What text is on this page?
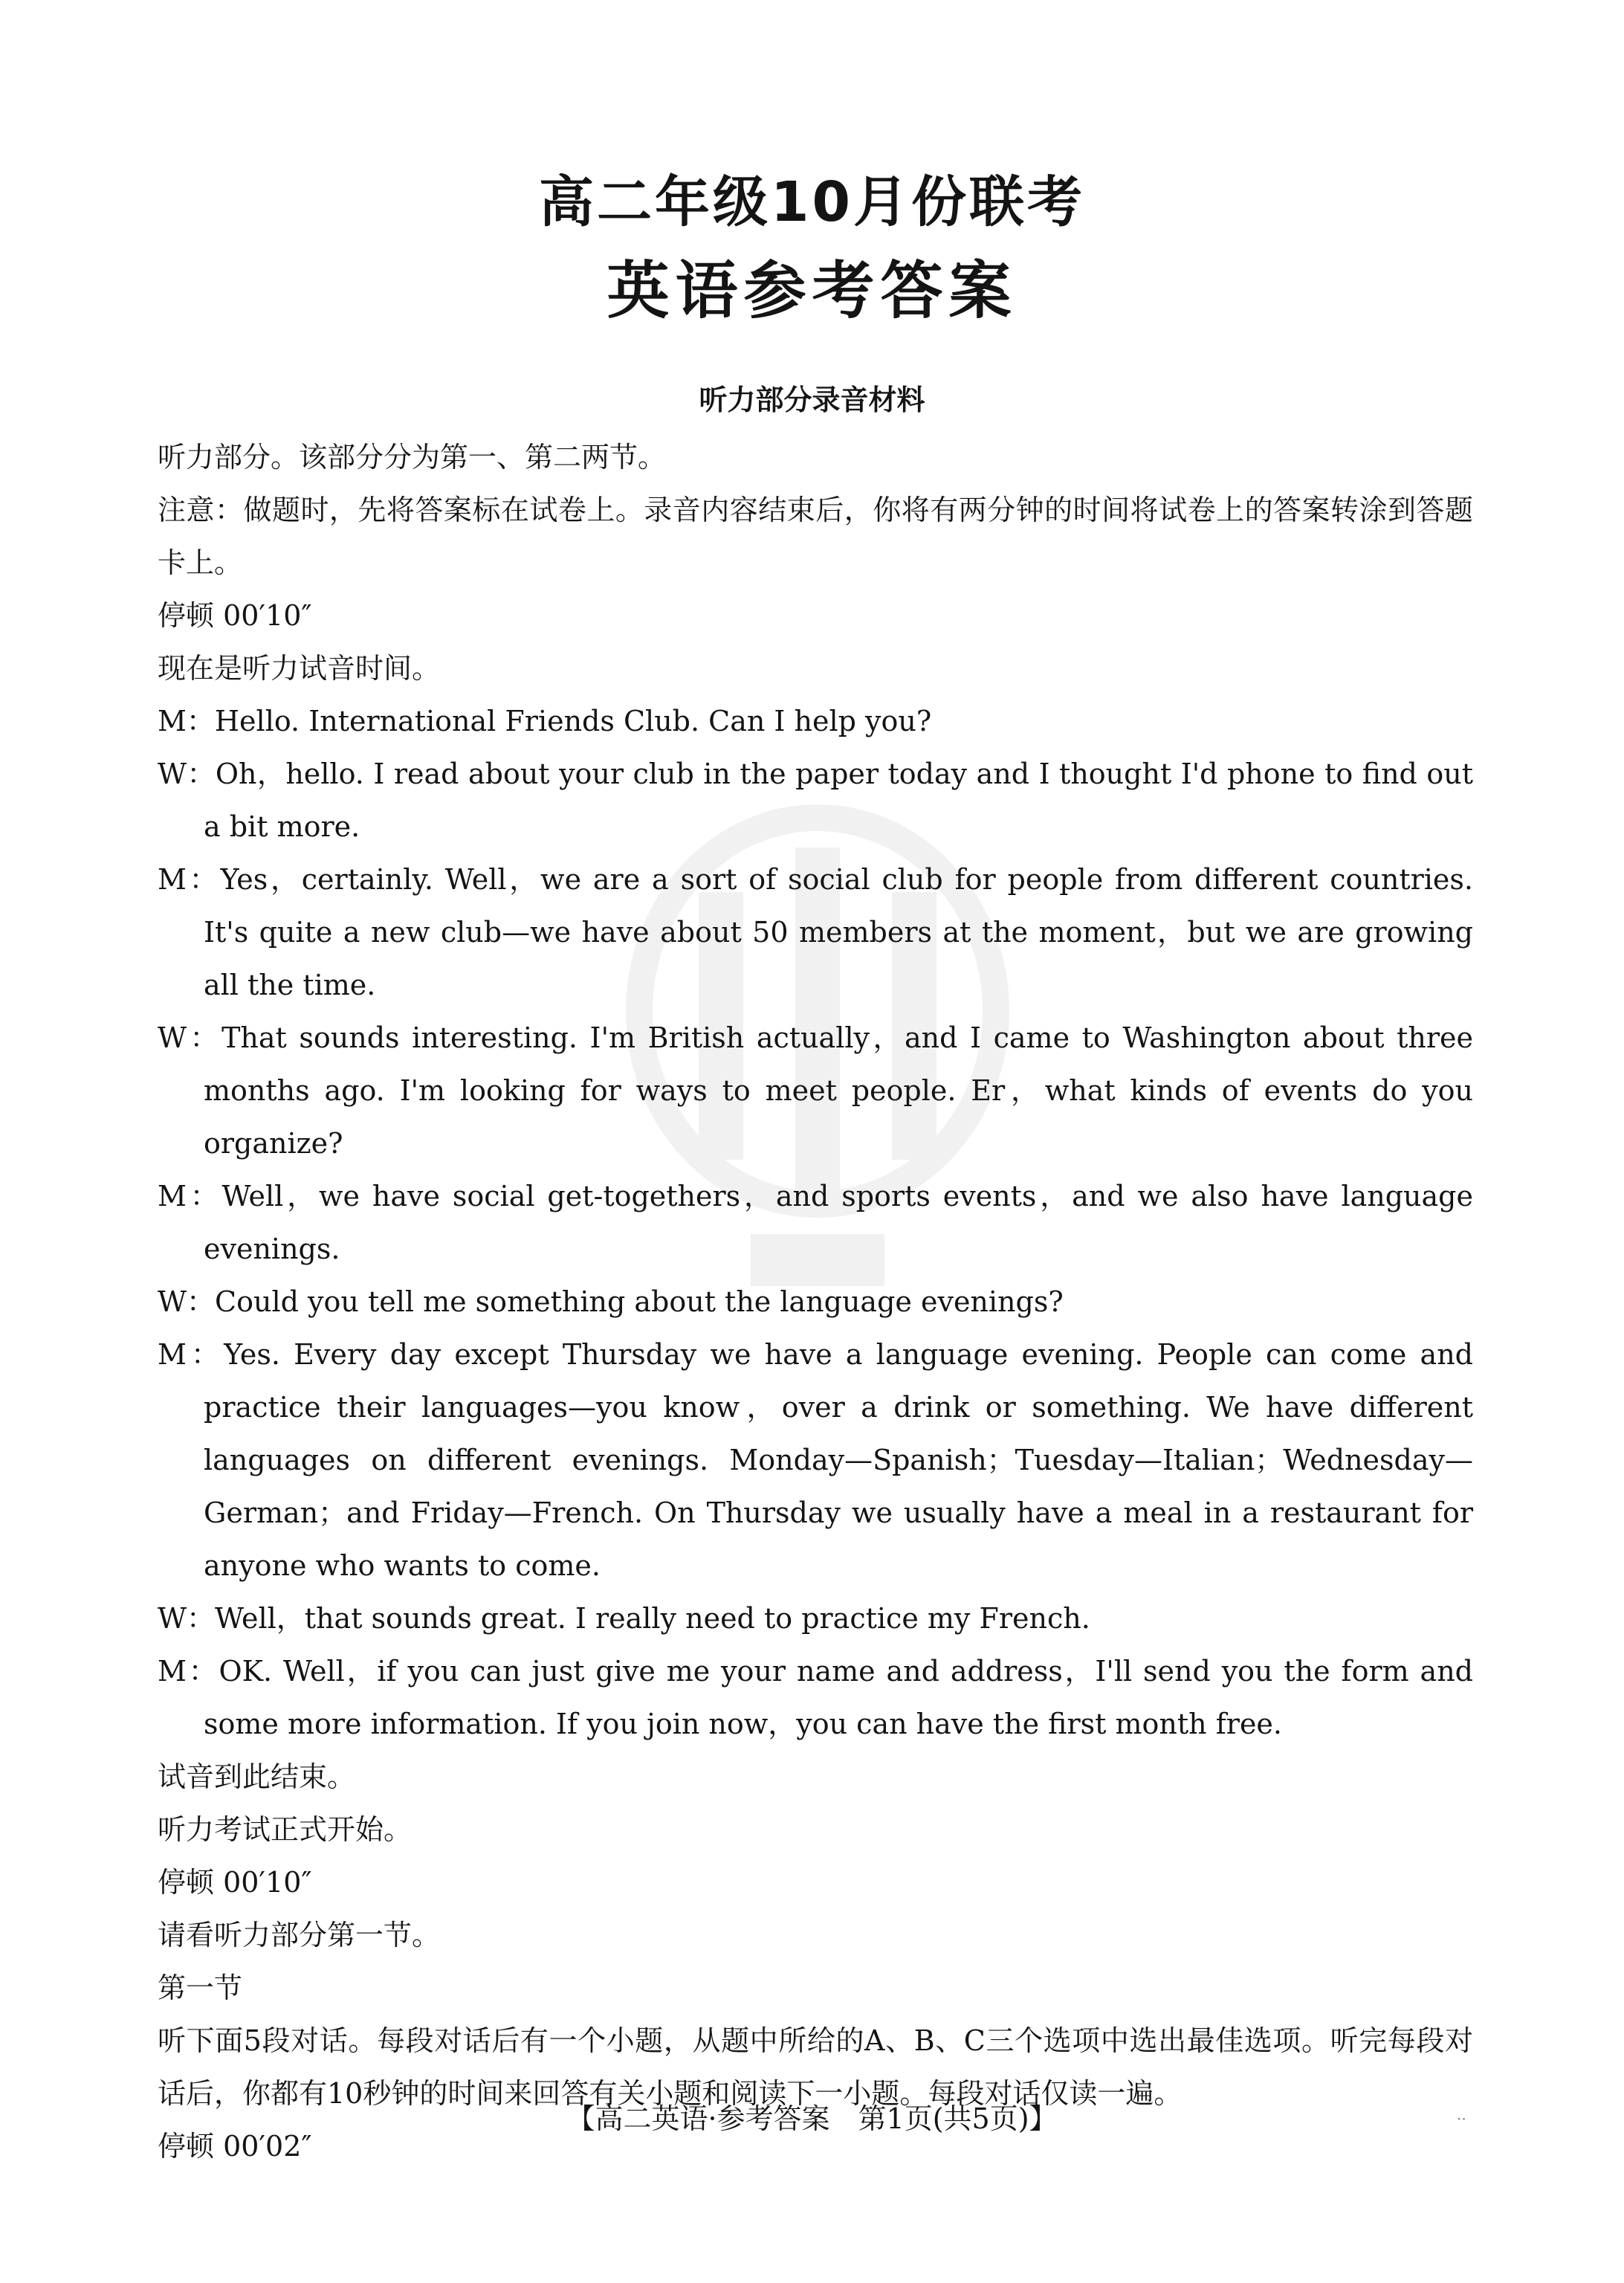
高二年级10月份联考
英语参考答案
听力部分录音材料
听力部分。该部分分为第一、第二两节。
注意：做题时，先将答案标在试卷上。录音内容结束后，你将有两分钟的时间将试卷上的答案转涂到答题卡上。
停顿 00′10″
现在是听力试音时间。
M：Hello. International Friends Club. Can I help you?
W：Oh，hello. I read about your club in the paper today and I thought I'd phone to find out a bit more.
M：Yes，certainly. Well，we are a sort of social club for people from different countries. It's quite a new club—we have about 50 members at the moment，but we are growing all the time.
W：That sounds interesting. I'm British actually，and I came to Washington about three months ago. I'm looking for ways to meet people. Er，what kinds of events do you organize?
M：Well，we have social get-togethers，and sports events，and we also have language evenings.
W：Could you tell me something about the language evenings?
M：Yes. Every day except Thursday we have a language evening. People can come and practice their languages—you know，over a drink or something. We have different languages on different evenings. Monday—Spanish；Tuesday—Italian；Wednesday—German；and Friday—French. On Thursday we usually have a meal in a restaurant for anyone who wants to come.
W：Well，that sounds great. I really need to practice my French.
M：OK. Well，if you can just give me your name and address，I'll send you the form and some more information. If you join now，you can have the first month free.
试音到此结束。
听力考试正式开始。
停顿 00′10″
请看听力部分第一节。
第一节
听下面5段对话。每段对话后有一个小题，从题中所给的A、B、C三个选项中选出最佳选项。听完每段对话后，你都有10秒钟的时间来回答有关小题和阅读下一小题。每段对话仅读一遍。
停顿 00′02″
【高二英语·参考答案　第1页(共5页)】	··
